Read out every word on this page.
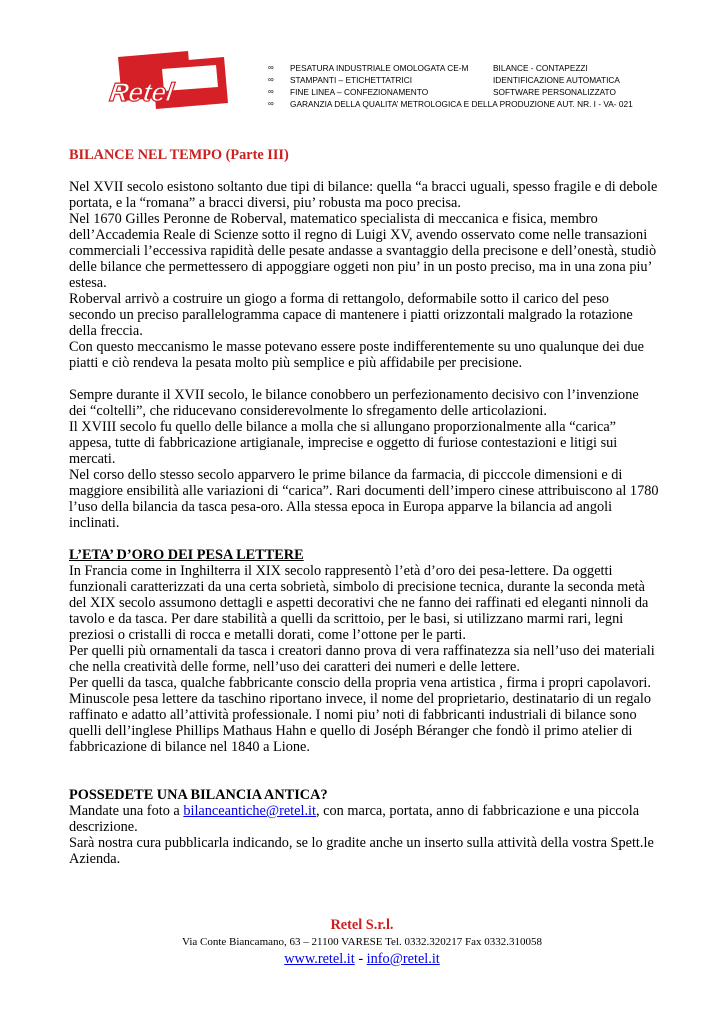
Retel
∞ PESATURA INDUSTRIALE OMOLOGATA CE-M	BILANCE - CONTAPEZZI
∞ STAMPANTI – ETICHETTATRICI	IDENTIFICAZIONE AUTOMATICA
∞ FINE LINEA – CONFEZIONAMENTO	SOFTWARE PERSONALIZZATO
∞ GARANZIA DELLA QUALITA’ METROLOGICA E DELLA PRODUZIONE AUT. NR. I - VA- 021

BILANCE NEL TEMPO (Parte III)

Nel XVII secolo esistono soltanto due tipi di bilance: quella “a bracci uguali, spesso fragile e di debole portata, e la “romana” a bracci diversi, piu’ robusta ma poco precisa.

Nel 1670 Gilles Peronne de Roberval, matematico specialista di meccanica e fisica, membro dell’Accademia Reale di Scienze sotto il regno di Luigi XV, avendo osservato come nelle transazioni commerciali l’eccessiva rapidità delle pesate andasse a svantaggio della precisone e dell’onestà, studiò delle bilance che permettessero di appoggiare oggeti non piu’ in un posto preciso, ma in una zona piu’ estesa.

Roberval arrivò a costruire un giogo a forma di rettangolo, deformabile sotto il carico del peso secondo un preciso parallelogramma capace di mantenere i piatti orizzontali malgrado la rotazione della freccia.

Con questo meccanismo le masse potevano essere poste indifferentemente su uno qualunque dei due piatti e ciò rendeva la pesata molto più semplice e più affidabile per precisione.

Sempre durante il XVII secolo, le bilance conobbero un perfezionamento decisivo con l’invenzione dei “coltelli”, che riducevano considerevolmente lo sfregamento delle articolazioni.

Il XVIII secolo fu quello delle bilance a molla che si allungano proporzionalmente alla “carica” appesa, tutte di fabbricazione artigianale, imprecise e oggetto di furiose contestazioni e litigi sui mercati.

Nel corso dello stesso secolo apparvero le prime bilance da farmacia, di picccole dimensioni e di maggiore ensibilità alle variazioni di “carica”. Rari documenti dell’impero cinese attribuiscono al 1780 l’uso della bilancia da tasca pesa-oro. Alla stessa epoca in Europa apparve la bilancia ad angoli inclinati.

L’ETA’ D’ORO DEI PESA LETTERE

In Francia come in Inghilterra il XIX secolo rappresentò l’età d’oro dei pesa-lettere. Da oggetti funzionali caratterizzati da una certa sobrietà, simbolo di precisione tecnica, durante la seconda metà del XIX secolo assumono dettagli e aspetti decorativi che ne fanno dei raffinati ed eleganti ninnoli da tavolo e da tasca. Per dare stabilità a quelli da scrittoio, per le basi, si utilizzano marmi rari, legni preziosi o cristalli di rocca e metalli dorati, come l’ottone per le parti.

Per quelli più ornamentali da tasca i creatori danno prova di vera raffinatezza sia nell’uso dei materiali che nella creatività delle forme, nell’uso dei caratteri dei numeri e delle lettere.

Per quelli da tasca, qualche fabbricante conscio della propria vena artistica , firma i propri capolavori.

Minuscole pesa lettere da taschino riportano invece, il nome del proprietario, destinatario di un regalo raffinato e adatto all’attività professionale. I nomi piu’ noti di fabbricanti industriali di bilance sono quelli dell’inglese Phillips Mathaus Hahn e quello di Joséph Béranger che fondò il primo atelier di fabbricazione di bilance nel 1840 a Lione.

POSSEDETE UNA BILANCIA ANTICA?

Mandate una foto a bilanceantiche@retel.it, con marca, portata, anno di fabbricazione e una piccola descrizione.

Sarà nostra cura pubblicarla indicando, se lo gradite anche un inserto sulla attività della vostra Spett.le Azienda.

Retel S.r.l.
Via Conte Biancamano, 63 – 21100 VARESE Tel. 0332.320217 Fax 0332.310058
www.retel.it - info@retel.it
